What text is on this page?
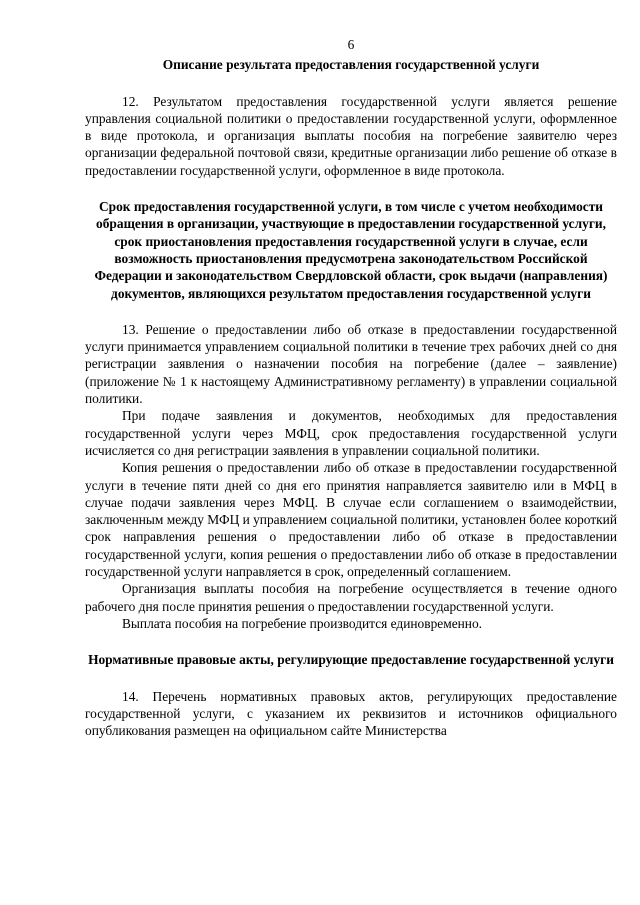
6
Описание результата предоставления государственной услуги

12. Результатом предоставления государственной услуги является решение управления социальной политики о предоставлении государственной услуги, оформленное в виде протокола, и организация выплаты пособия на погребение заявителю через организации федеральной почтовой связи, кредитные организации либо решение об отказе в предоставлении государственной услуги, оформленное в виде протокола.

Срок предоставления государственной услуги, в том числе с учетом необходимости обращения в организации, участвующие в предоставлении государственной услуги, срок приостановления предоставления государственной услуги в случае, если возможность приостановления предусмотрена законодательством Российской Федерации и законодательством Свердловской области, срок выдачи (направления) документов, являющихся результатом предоставления государственной услуги

13. Решение о предоставлении либо об отказе в предоставлении государственной услуги принимается управлением социальной политики в течение трех рабочих дней со дня регистрации заявления о назначении пособия на погребение (далее – заявление) (приложение № 1 к настоящему Административному регламенту) в управлении социальной политики.

При подаче заявления и документов, необходимых для предоставления государственной услуги через МФЦ, срок предоставления государственной услуги исчисляется со дня регистрации заявления в управлении социальной политики.

Копия решения о предоставлении либо об отказе в предоставлении государственной услуги в течение пяти дней со дня его принятия направляется заявителю или в МФЦ в случае подачи заявления через МФЦ. В случае если соглашением о взаимодействии, заключенным между МФЦ и управлением социальной политики, установлен более короткий срок направления решения о предоставлении либо об отказе в предоставлении государственной услуги, копия решения о предоставлении либо об отказе в предоставлении государственной услуги направляется в срок, определенный соглашением.

Организация выплаты пособия на погребение осуществляется в течение одного рабочего дня после принятия решения о предоставлении государственной услуги.

Выплата пособия на погребение производится единовременно.

Нормативные правовые акты, регулирующие предоставление государственной услуги

14. Перечень нормативных правовых актов, регулирующих предоставление государственной услуги, с указанием их реквизитов и источников официального опубликования размещен на официальном сайте Министерства
